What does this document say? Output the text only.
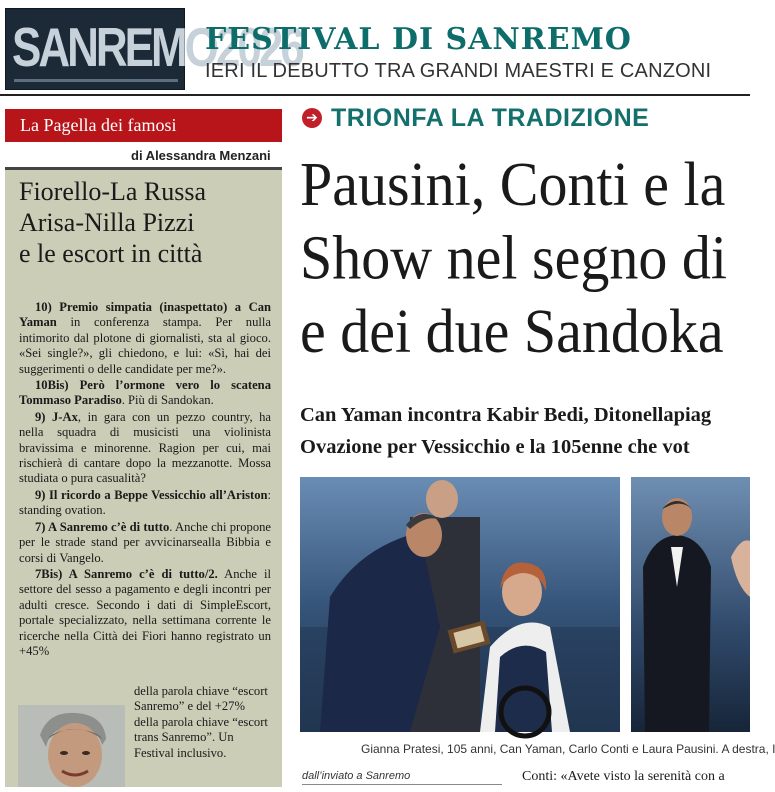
SANREMO2026
FESTIVAL DI SANREMO
IERI IL DEBUTTO TRA GRANDI MAESTRI E CANZONI
La Pagella dei famosi
di Alessandra Menzani
Fiorello-La Russa
Arisa-Nilla Pizzi
e le escort in città

10) Premio simpatia (inaspettato) a Can Yaman in conferenza stampa. Per nulla intimorito dal plotone di giornalisti, sta al gioco. «Sei single?», gli chiedono, e lui: «Sì, hai dei suggerimenti o delle candidate per me?».

10Bis) Però l’ormone vero lo scatena Tommaso Paradiso. Più di Sandokan.

9) J-Ax, in gara con un pezzo country, ha nella squadra di musicisti una violinista bravissima e minorenne. Ragion per cui, mai rischierà di cantare dopo la mezzanotte. Mossa studiata o pura casualità?

9) Il ricordo a Beppe Vessicchio all’Ariston: standing ovation.

7) A Sanremo c’è di tutto. Anche chi propone per le strade stand per avvicinarsealla Bibbia e corsi di Vangelo.

7Bis) A Sanremo c’è di tutto/2. Anche il settore del sesso a pagamento e degli incontri per adulti cresce. Secondo i dati di SimpleEscort, portale specializzato, nella settimana corrente le ricerche nella Città dei Fiori hanno registrato un +45%

della parola chiave “escort Sanremo” e del +27% della parola chiave “escort trans Sanremo”. Un Festival inclusivo.
➔ TRIONFA LA TRADIZIONE
Pausini, Conti e la
Show nel segno di
e dei due Sandoka
Can Yaman incontra Kabir Bedi, Ditonellapiag
Ovazione per Vessicchio e la 105enne che vot
Gianna Pratesi, 105 anni, Can Yaman, Carlo Conti e Laura Pausini. A destra, I
dall’inviato a Sanremo	Conti: «Avete visto la serenità con a
